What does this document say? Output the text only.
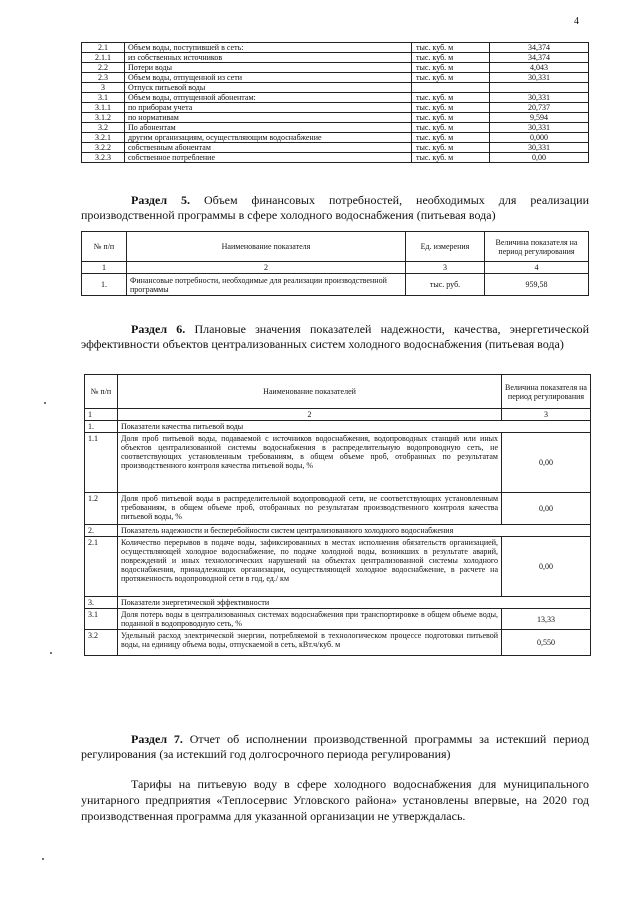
4
2.1	Объем воды, поступившей в сеть:	тыс. куб. м	34,374
2.1.1	из собственных источников	тыс. куб. м	34,374
2.2	Потери воды	тыс. куб. м	4,043
2.3	Объем воды, отпущенной из сети	тыс. куб. м	30,331
3	Отпуск питьевой воды		
3.1	Объем воды, отпущенной абонентам:	тыс. куб. м	30,331
3.1.1	по приборам учета	тыс. куб. м	20,737
3.1.2	по нормативам	тыс. куб. м	9,594
3.2	По абонентам	тыс. куб. м	30,331
3.2.1	другим организациям, осуществляющим водоснабжение	тыс. куб. м	0,000
3.2.2	собственным абонентам	тыс. куб. м	30,331
3.2.3	собственное потребление	тыс. куб. м	0,00
Раздел 5. Объем финансовых потребностей, необходимых для реализации производственной программы в сфере холодного водоснабжения (питьевая вода)
№ п/п	Наименование показателя	Ед. измерения	Величина показателя на период регулирования
1	2	3	4
1.	Финансовые потребности, необходимые для реализации производственной программы	тыс. руб.	959,58
Раздел 6. Плановые значения показателей надежности, качества, энергетической эффективности объектов централизованных систем холодного водоснабжения (питьевая вода)
№ п/п	Наименование показателей	Величина показателя на период регулирования
1	2	3
1.	Показатели качества питьевой воды	
1.1	Доля проб питьевой воды, подаваемой с источников водоснабжения, водопроводных станций или иных объектов централизованной системы водоснабжения в распределительную водопроводную сеть, не соответствующих установленным требованиям, в общем объеме проб, отобранных по результатам производственного контроля качества питьевой воды, %	0,00
1.2	Доля проб питьевой воды в распределительной водопроводной сети, не соответствующих установленным требованиям, в общем объеме проб, отобранных по результатам производственного контроля качества питьевой воды, %	0,00
2.	Показатель надежности и бесперебойности систем централизованного холодного водоснабжения	
2.1	Количество перерывов в подаче воды, зафиксированных в местах исполнения обязательств организацией, осуществляющей холодное водоснабжение, по подаче холодной воды, возникших в результате аварий, повреждений и иных технологических нарушений на объектах централизованной системы холодного водоснабжения, принадлежащих организации, осуществляющей холодное водоснабжение, в расчете на протяженность водопроводной сети в год, ед./ км	0,00
3.	Показатели энергетической эффективности	
3.1	Доля потерь воды в централизованных системах водоснабжения при транспортировке в общем объеме воды, поданной в водопроводную сеть, %	13,33
3.2	Удельный расход электрической энергии, потребляемой в технологическом процессе подготовки питьевой воды, на единицу объема воды, отпускаемой в сеть, кВт.ч/куб. м	0,550
Раздел 7. Отчет об исполнении производственной программы за истекший период регулирования (за истекший год долгосрочного периода регулирования)
Тарифы на питьевую воду в сфере холодного водоснабжения для муниципального унитарного предприятия «Теплосервис Угловского района» установлены впервые, на 2020 год производственная программа для указанной организации не утверждалась.
